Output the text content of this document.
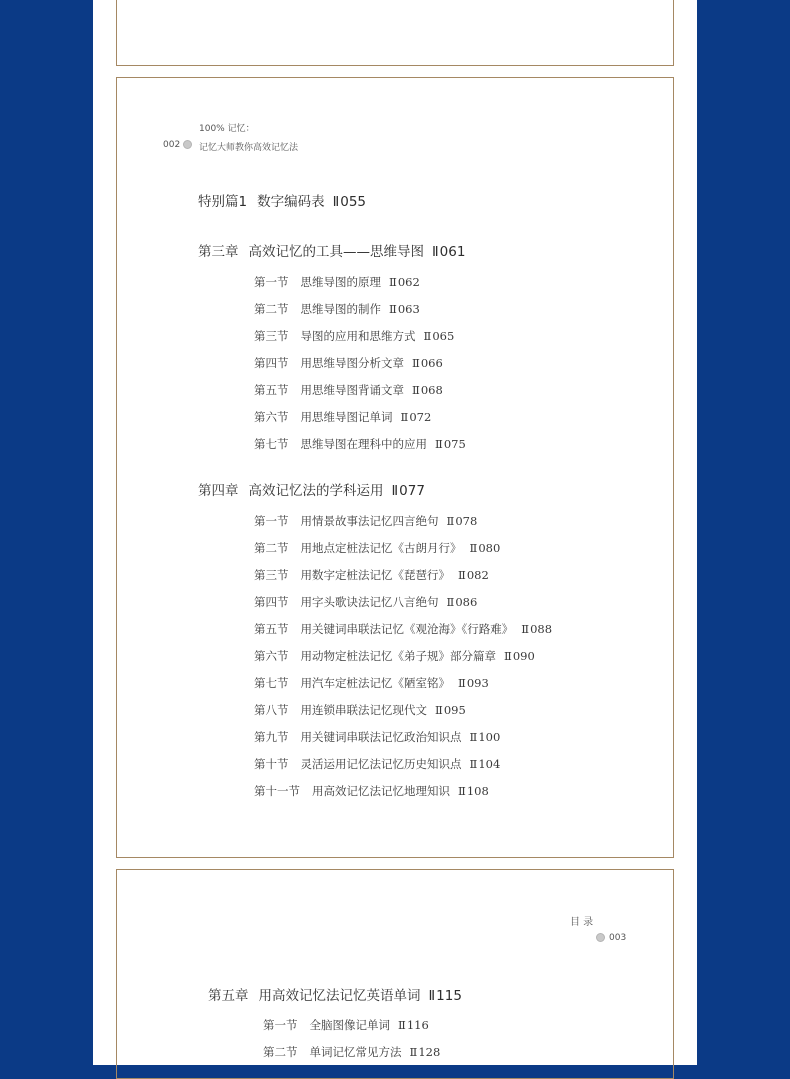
100% 记忆：
002 记忆大师教你高效记忆法
特别篇1 数字编码表 Ⅱ 055
第三章 高效记忆的工具——思维导图 Ⅱ 061
第一节 思维导图的原理 Ⅱ 062
第二节 思维导图的制作 Ⅱ 063
第三节 导图的应用和思维方式 Ⅱ 065
第四节 用思维导图分析文章 Ⅱ 066
第五节 用思维导图背诵文章 Ⅱ 068
第六节 用思维导图记单词 Ⅱ 072
第七节 思维导图在理科中的应用 Ⅱ 075
第四章 高效记忆法的学科运用 Ⅱ 077
第一节 用情景故事法记忆四言绝句 Ⅱ 078
第二节 用地点定桩法记忆《古朗月行》 Ⅱ 080
第三节 用数字定桩法记忆《琵琶行》 Ⅱ 082
第四节 用字头歌诀法记忆八言绝句 Ⅱ 086
第五节 用关键词串联法记忆《观沧海》《行路难》 Ⅱ 088
第六节 用动物定桩法记忆《弟子规》部分篇章 Ⅱ 090
第七节 用汽车定桩法记忆《陋室铭》 Ⅱ 093
第八节 用连锁串联法记忆现代文 Ⅱ 095
第九节 用关键词串联法记忆政治知识点 Ⅱ 100
第十节 灵活运用记忆法记忆历史知识点 Ⅱ 104
第十一节 用高效记忆法记忆地理知识 Ⅱ 108
目 录
003
第五章 用高效记忆法记忆英语单词 Ⅱ 115
第一节 全脑图像记单词 Ⅱ 116
第二节 单词记忆常见方法 Ⅱ 128
